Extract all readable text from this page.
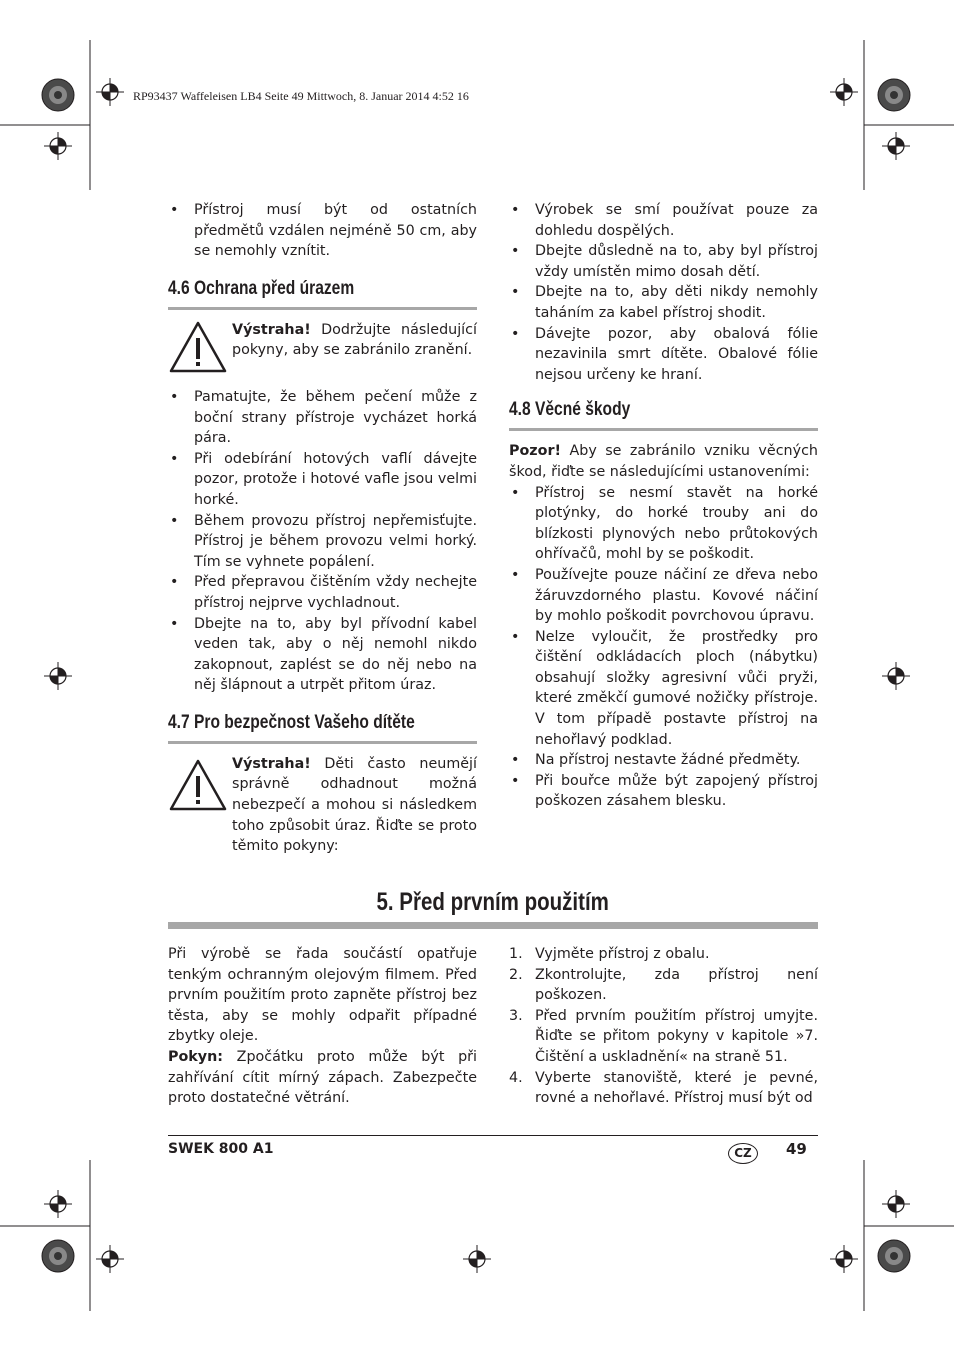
RP93437 Waffeleisen LB4 Seite 49 Mittwoch, 8. Januar 2014 4:52 16
• Přístroj musí být od ostatních předmětů vzdálen nejméně 50 cm, aby se nemohly vznítit.
4.6 Ochrana před úrazem

Výstraha! Dodržujte následující pokyny, aby se zabránilo zranění.

• Pamatujte, že během pečení může z boční strany přístroje vycházet horká pára.
• Při odebírání hotových vaflí dávejte pozor, protože i hotové vafle jsou velmi horké.
• Během provozu přístroj nepřemisťujte. Přístroj je během provozu velmi horký. Tím se vyhnete popálení.
• Před přepravou čištěním vždy nechejte přístroj nejprve vychladnout.
• Dbejte na to, aby byl přívodní kabel veden tak, aby o něj nemohl nikdo zakopnout, zaplést se do něj nebo na něj šlápnout a utrpět přitom úraz.
4.7 Pro bezpečnost Vašeho dítěte

Výstraha! Děti často neumějí správně odhadnout možná nebezpečí a mohou si následkem toho způsobit úraz. Řiďte se proto těmito pokyny:

• Výrobek se smí používat pouze za dohledu dospělých.
• Dbejte důsledně na to, aby byl přístroj vždy umístěn mimo dosah dětí.
• Dbejte na to, aby děti nikdy nemohly taháním za kabel přístroj shodit.
• Dávejte pozor, aby obalová fólie nezavinila smrt dítěte. Obalové fólie nejsou určeny ke hraní.
4.8 Věcné škody

Pozor! Aby se zabránilo vzniku věcných škod, řiďte se následujícími ustanoveními:

• Přístroj se nesmí stavět na horké plotýnky, do horké trouby ani do blízkosti plynových nebo průtokových ohřívačů, mohl by se poškodit.
• Používejte pouze náčiní ze dřeva nebo žáruvzdorného plastu. Kovové náčiní by mohlo poškodit povrchovou úpravu.
• Nelze vyloučit, že prostředky pro čištění odkládacích ploch (nábytku) obsahují složky agresivní vůči pryži, které změkčí gumové nožičky přístroje. V tom případě postavte přístroj na nehořlavý podklad.
• Na přístroj nestavte žádné předměty.
• Při bouřce může být zapojený přístroj poškozen zásahem blesku.
5. Před prvním použitím

Při výrobě se řada součástí opatřuje tenkým ochranným olejovým filmem. Před prvním použitím proto zapněte přístroj bez těsta, aby se mohly odpařit případné zbytky oleje.

Pokyn: Zpočátku proto může být při zahřívání cítit mírný zápach. Zabezpečte proto dostatečné větrání.

1. Vyjměte přístroj z obalu.
2. Zkontrolujte, zda přístroj není poškozen.
3. Před prvním použitím přístroj umyjte. Řiďte se přitom pokyny v kapitole »7. Čištění a uskladnění« na straně 51.
4. Vyberte stanoviště, které je pevné, rovné a nehořlavé. Přístroj musí být od
SWEK 800 A1	CZ	49
